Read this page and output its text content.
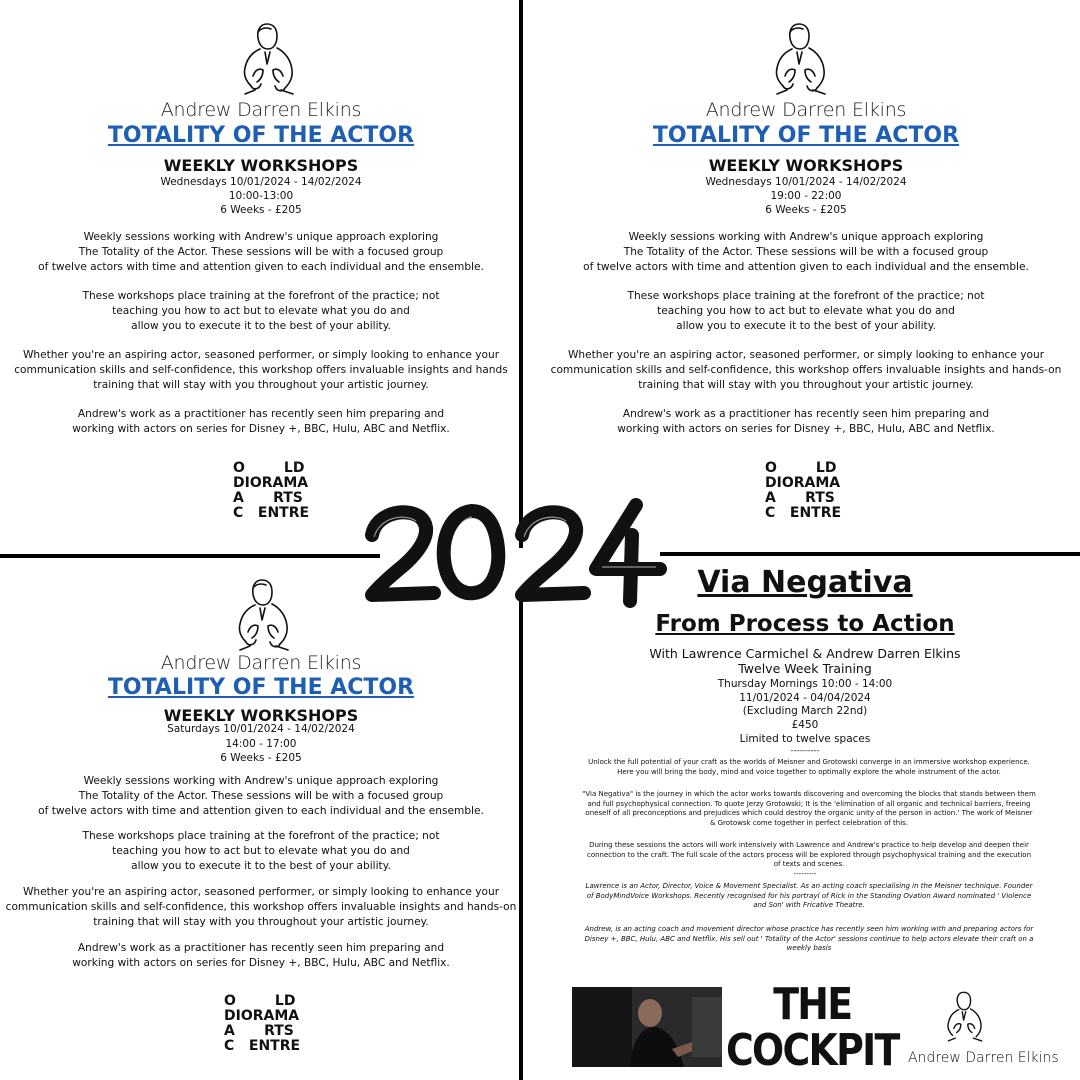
Andrew Darren Elkins
TOTALITY OF THE ACTOR
WEEKLY WORKSHOPS
Wednesdays 10/01/2024 - 14/02/2024
10:00-13:00
6 Weeks - £205
Weekly sessions working with Andrew's unique approach exploring
The Totality of the Actor. These sessions will be with a focused group
of twelve actors with time and attention given to each individual and the ensemble.
These workshops place training at the forefront of the practice; not
teaching you how to act but to elevate what you do and
allow you to execute it to the best of your ability.
Whether you're an aspiring actor, seasoned performer, or simply looking to enhance your
communication skills and self-confidence, this workshop offers invaluable insights and hands
training that will stay with you throughout your artistic journey.
Andrew's work as a practitioner has recently seen him preparing and
working with actors on series for Disney +, BBC, Hulu, ABC and Netflix.
O        LD
DIORAMA
A      RTS
C   ENTRE
Andrew Darren Elkins
TOTALITY OF THE ACTOR
WEEKLY WORKSHOPS
Wednesdays 10/01/2024 - 14/02/2024
19:00 - 22:00
6 Weeks - £205
Weekly sessions working with Andrew's unique approach exploring
The Totality of the Actor. These sessions will be with a focused group
of twelve actors with time and attention given to each individual and the ensemble.
These workshops place training at the forefront of the practice; not
teaching you how to act but to elevate what you do and
allow you to execute it to the best of your ability.
Whether you're an aspiring actor, seasoned performer, or simply looking to enhance your
communication skills and self-confidence, this workshop offers invaluable insights and hands-on
training that will stay with you throughout your artistic journey.
Andrew's work as a practitioner has recently seen him preparing and
working with actors on series for Disney +, BBC, Hulu, ABC and Netflix.
O        LD
DIORAMA
A      RTS
C   ENTRE
Andrew Darren Elkins
TOTALITY OF THE ACTOR
WEEKLY WORKSHOPS
Saturdays 10/01/2024 - 14/02/2024
14:00 - 17:00
6 Weeks - £205
Weekly sessions working with Andrew's unique approach exploring
The Totality of the Actor. These sessions will be with a focused group
of twelve actors with time and attention given to each individual and the ensemble.
These workshops place training at the forefront of the practice; not
teaching you how to act but to elevate what you do and
allow you to execute it to the best of your ability.
Whether you're an aspiring actor, seasoned performer, or simply looking to enhance your
communication skills and self-confidence, this workshop offers invaluable insights and hands-on
training that will stay with you throughout your artistic journey.
Andrew's work as a practitioner has recently seen him preparing and
working with actors on series for Disney +, BBC, Hulu, ABC and Netflix.
O        LD
DIORAMA
A      RTS
C   ENTRE
Via Negativa
From Process to Action
With Lawrence Carmichel & Andrew Darren Elkins
Twelve Week Training
Thursday Mornings 10:00 - 14:00
11/01/2024 - 04/04/2024
(Excluding March 22nd)
£450
Limited to twelve spaces
----------
Unlock the full potential of your craft as the worlds of Meisner and Grotowski converge in an immersive workshop experience.
Here you will bring the body, mind and voice together to optimally explore the whole instrument of the actor.
"Via Negativa" is the journey in which the actor works towards discovering and overcoming the blocks that stands between them
and full psychophysical connection. To quote Jerzy Grotowski; It is the 'elimination of all organic and technical barriers, freeing
oneself of all preconceptions and prejudices which could destroy the organic unity of the person in action.' The work of Meisner
& Grotowsk come together in perfect celebration of this.
During these sessions the actors will work intensively with Lawrence and Andrew's practice to help develop and deepen their
connection to the craft. The full scale of the actors process will be explored through psychophysical training and the execution
of texts and scenes.
---------
Lawrence is an Actor, Director, Voice & Movement Specialist. As an acting coach specialising in the Meisner technique. Founder
of BodyMindVoice Workshops. Recently recognised for his portrayl of Rick in the Standing Ovation Award nominated ' Violence
and Son' with Fricative Theatre.
Andrew, is an acting coach and movement director whose practice has recently seen him working with and preparing actors for
Disney +, BBC, Hulu, ABC and Netflix. His sell out ' Totality of the Actor' sessions continue to help actors elevate their craft on a
weekly basis
THE
COCKPIT Andrew Darren Elkins
